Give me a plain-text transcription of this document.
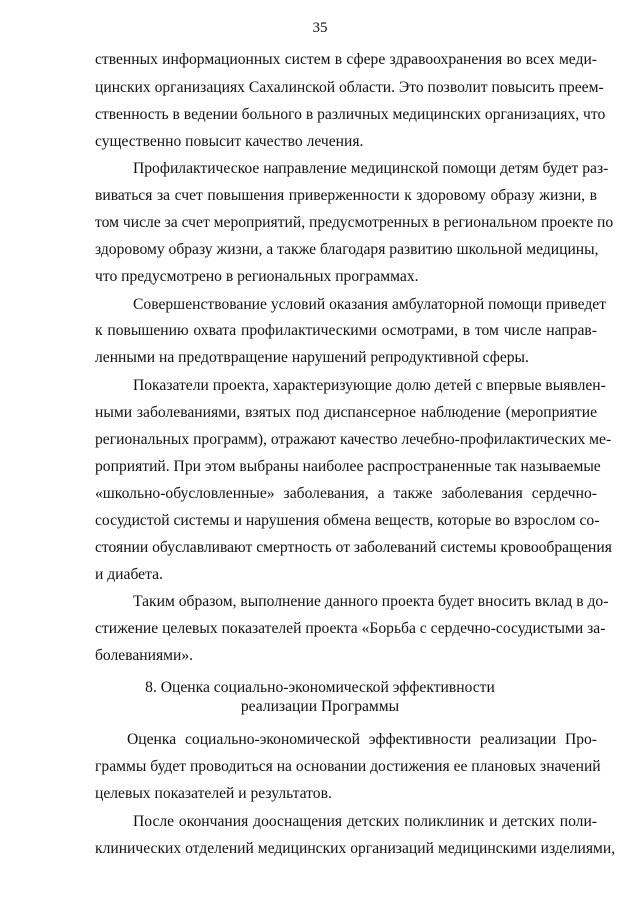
35
ственных информационных систем в сфере здравоохранения во всех меди-
цинских организациях Сахалинской области. Это позволит повысить преем-
ственность в ведении больного в различных медицинских организациях, что
существенно повысит качество лечения.
Профилактическое направление медицинской помощи детям будет раз-
виваться за счет повышения приверженности к здоровому образу жизни, в
том числе за счет мероприятий, предусмотренных в региональном проекте по
здоровому образу жизни, а также благодаря развитию школьной медицины,
что предусмотрено в региональных программах.
Совершенствование условий оказания амбулаторной помощи приведет
к повышению охвата профилактическими осмотрами, в том числе направ-
ленными на предотвращение нарушений репродуктивной сферы.
Показатели проекта, характеризующие долю детей с впервые выявлен-
ными заболеваниями, взятых под диспансерное наблюдение (мероприятие
региональных программ), отражают качество лечебно-профилактических ме-
роприятий. При этом выбраны наиболее распространенные так называемые
«школьно-обусловленные» заболевания, а также заболевания сердечно-
сосудистой системы и нарушения обмена веществ, которые во взрослом со-
стоянии обуславливают смертность от заболеваний системы кровообращения
и диабета.
Таким образом, выполнение данного проекта будет вносить вклад в до-
стижение целевых показателей проекта «Борьба с сердечно-сосудистыми за-
болеваниями».
8. Оценка социально-экономической эффективности
реализации Программы
Оценка социально-экономической эффективности реализации Про-
граммы будет проводиться на основании достижения ее плановых значений
целевых показателей и результатов.
После окончания дооснащения детских поликлиник и детских поли-
клинических отделений медицинских организаций медицинскими изделиями,
